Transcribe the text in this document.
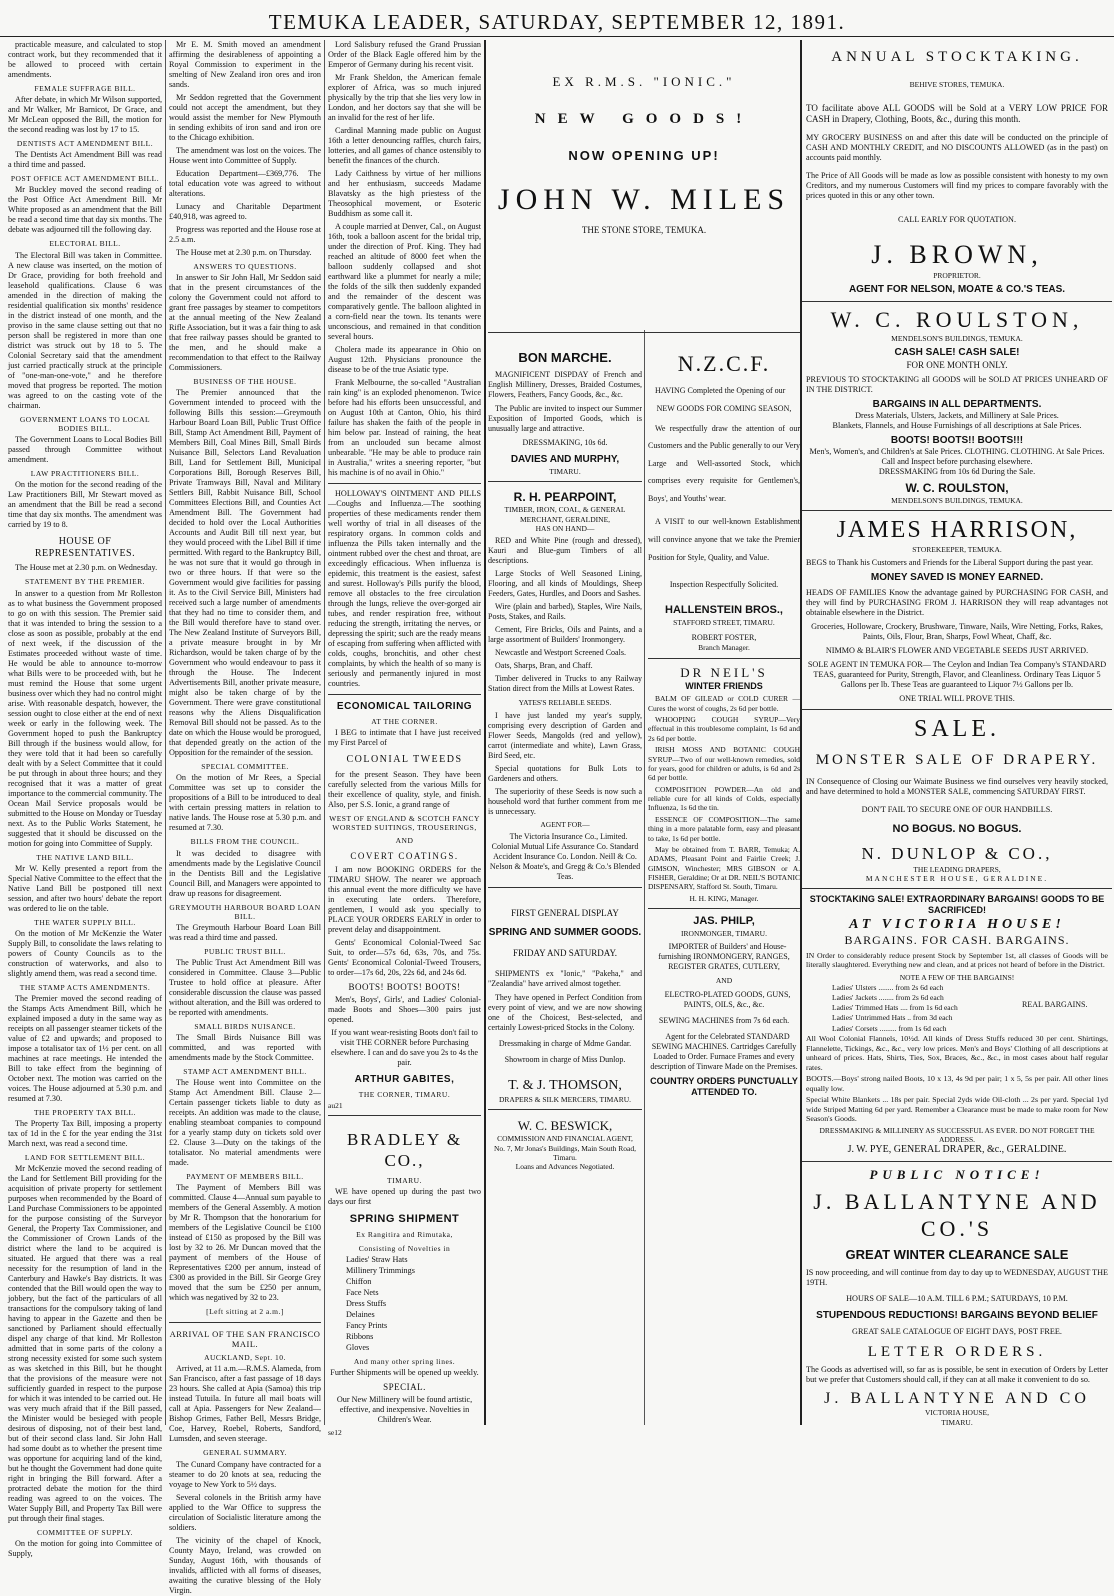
TEMUKA LEADER, SATURDAY, SEPTEMBER 12, 1891.

practicable measure, and calculated to stop contract work, but they recommended that it be allowed to proceed with certain amendments.

FEMALE SUFFRAGE BILL.

After debate, in which Mr Wilson supported, and Mr Walker, Mr Barnicot, Dr Grace, and Mr McLean opposed the Bill, the motion for the second reading was lost by 17 to 15.

DENTISTS ACT AMENDMENT BILL.

The Dentists Act Amendment Bill was read a third time and passed.

POST OFFICE ACT AMENDMENT BILL.

Mr Buckley moved the second reading of the Post Office Act Amendment Bill. Mr White proposed as an amendment that the Bill be read a second time that day six months. The debate was adjourned till the following day.

ELECTORAL BILL.

The Electoral Bill was taken in Committee. A new clause was inserted, on the motion of Dr Grace, providing for both freehold and leasehold qualifications. Clause 6 was amended in the direction of making the residential qualification six months' residence in the district instead of one month, and the proviso in the same clause setting out that no person shall be registered in more than one district was struck out by 18 to 5. The Colonial Secretary said that the amendment just carried practically struck at the principle of "one-man-one-vote," and he therefore moved that progress be reported. The motion was agreed to on the casting vote of the chairman.

GOVERNMENT LOANS TO LOCAL BODIES BILL.

The Government Loans to Local Bodies Bill passed through Committee without amendment.

LAW PRACTITIONERS BILL.

On the motion for the second reading of the Law Practitioners Bill, Mr Stewart moved as an amendment that the Bill be read a second time that day six months. The amendment was carried by 19 to 8.

HOUSE OF REPRESENTATIVES.

The House met at 2.30 p.m. on Wednesday.

STATEMENT BY THE PREMIER.

In answer to a question from Mr Rolleston as to what business the Government proposed to go on with this session. The Premier said that it was intended to bring the session to a close as soon as possible, probably at the end of next week, if the discussion of the Estimates proceeded without waste of time. He would be able to announce to-morrow what Bills were to be proceeded with, but he must remind the House that some urgent business over which they had no control might arise. With reasonable despatch, however, the session ought to close either at the end of next week or early in the following week. The Government hoped to push the Bankruptcy Bill through if the business would allow, for they were told that it had been so carefully dealt with by a Select Committee that it could be put through in about three hours; and they recognised that it was a matter of great importance to the commercial community. The Ocean Mail Service proposals would be submitted to the House on Monday or Tuesday next. As to the Public Works Statement, he suggested that it should be discussed on the motion for going into Committee of Supply.

THE NATIVE LAND BILL.

Mr W. Kelly presented a report from the Special Native Committee to the effect that the Native Land Bill be postponed till next session, and after two hours' debate the report was ordered to lie on the table.

THE WATER SUPPLY BILL.

On the motion of Mr McKenzie the Water Supply Bill, to consolidate the laws relating to powers of County Councils as to the construction of waterworks, and also to slightly amend them, was read a second time.

THE STAMP ACTS AMENDMENTS.

The Premier moved the second reading of the Stamps Acts Amendment Bill, which he explained imposed a duty in the same way as receipts on all passenger steamer tickets of the value of £2 and upwards; and proposed to impose a totalisator tax of 1½ per cent. on all machines at race meetings. He intended the Bill to take effect from the beginning of October next. The motion was carried on the voices. The House adjourned at 5.30 p.m. and resumed at 7.30.

THE PROPERTY TAX BILL.

The Property Tax Bill, imposing a property tax of 1d in the £ for the year ending the 31st March next, was read a second time.

LAND FOR SETTLEMENT BILL.

Mr McKenzie moved the second reading of the Land for Settlement Bill providing for the acquisition of private property for settlement purposes when recommended by the Board of Land Purchase Commissioners to be appointed for the purpose consisting of the Surveyor General, the Property Tax Commissioner, and the Commissioner of Crown Lands of the district where the land to be acquired is situated. He argued that there was a real necessity for the resumption of land in the Canterbury and Hawke's Bay districts. It was contended that the Bill would open the way to jobbery, but the fact of the particulars of all transactions for the compulsory taking of land having to appear in the Gazette and then be sanctioned by Parliament should effectually dispel any charge of that kind. Mr Rolleston admitted that in some parts of the colony a strong necessity existed for some such system as was sketched in this Bill, but he thought that the provisions of the measure were not sufficiently guarded in respect to the purpose for which it was intended to be carried out. He was very much afraid that if the Bill passed, the Minister would be besieged with people desirous of disposing, not of their best land, but of their second class land. Sir John Hall had some doubt as to whether the present time was opportune for acquiring land of the kind, but he thought the Government had done quite right in bringing the Bill forward. After a protracted debate the motion for the third reading was agreed to on the voices. The Water Supply Bill, and Property Tax Bill were put through their final stages.

COMMITTEE OF SUPPLY.

On the motion for going into Committee of Supply,

Mr E. M. Smith moved an amendment affirming the desirableness of appointing a Royal Commission to experiment in the smelting of New Zealand iron ores and iron sands.

Mr Seddon regretted that the Government could not accept the amendment, but they would assist the member for New Plymouth in sending exhibits of iron sand and iron ore to the Chicago exhibition.

The amendment was lost on the voices. The House went into Committee of Supply.

Education Department—£369,776. The total education vote was agreed to without alterations.

Lunacy and Charitable Department £40,918, was agreed to.

Progress was reported and the House rose at 2.5 a.m.

The House met at 2.30 p.m. on Thursday.

ANSWERS TO QUESTIONS.

In answer to Sir John Hall, Mr Seddon said that in the present circumstances of the colony the Government could not afford to grant free passages by steamer to competitors at the annual meeting of the New Zealand Rifle Association, but it was a fair thing to ask that free railway passes should be granted to the men, and he should make a recommendation to that effect to the Railway Commissioners.

BUSINESS OF THE HOUSE.

The Premier announced that the Government intended to proceed with the following Bills this session:—Greymouth Harbour Board Loan Bill, Public Trust Office Bill, Stamp Act Amendment Bill, Payment of Members Bill, Coal Mines Bill, Small Birds Nuisance Bill, Selectors Land Revaluation Bill, Land for Settlement Bill, Municipal Corporations Bill, Borough Reserves Bill, Private Tramways Bill, Naval and Military Settlers Bill, Rabbit Nuisance Bill, School Committees Elections Bill, and Counties Act Amendment Bill. The Government had decided to hold over the Local Authorities Accounts and Audit Bill till next year, but they would proceed with the Libel Bill if time permitted. With regard to the Bankruptcy Bill, he was not sure that it would go through in two or three hours. If that were so the Government would give facilities for passing it. As to the Civil Service Bill, Ministers had received such a large number of amendments that they had no time to consider them, and the Bill would therefore have to stand over. The New Zealand Institute of Surveyors Bill, a private measure brought in by Mr Richardson, would be taken charge of by the Government who would endeavour to pass it through the House. The Indecent Advertisements Bill, another private measure, might also be taken charge of by the Government. There were grave constitutional reasons why the Aliens Disqualification Removal Bill should not be passed. As to the date on which the House would be prorogued, that depended greatly on the action of the Opposition for the remainder of the session.

SPECIAL COMMITTEE.

On the motion of Mr Rees, a Special Committee was set up to consider the propositions of a Bill to be introduced to deal with certain pressing matters in relation to native lands. The House rose at 5.30 p.m. and resumed at 7.30.

BILLS FROM THE COUNCIL.

It was decided to disagree with amendments made by the Legislative Council in the Dentists Bill and the Legislative Council Bill, and Managers were appointed to draw up reasons for disagreement.

GREYMOUTH HARBOUR BOARD LOAN BILL.

The Greymouth Harbour Board Loan Bill was read a third time and passed.

PUBLIC TRUST BILL.

The Public Trust Act Amendment Bill was considered in Committee. Clause 3—Public Trustee to hold office at pleasure. After considerable discussion the clause was passed without alteration, and the Bill was ordered to be reported with amendments.

SMALL BIRDS NUISANCE.

The Small Birds Nuisance Bill was committed, and was reported with amendments made by the Stock Committee.

STAMP ACT AMENDMENT BILL.

The House went into Committee on the Stamp Act Amendment Bill. Clause 2—Certain passenger tickets liable to duty as receipts. An addition was made to the clause, enabling steamboat companies to compound for a yearly stamp duty on tickets sold over £2. Clause 3—Duty on the takings of the totalisator. No material amendments were made.

PAYMENT OF MEMBERS BILL.

The Payment of Members Bill was committed. Clause 4—Annual sum payable to members of the General Assembly. A motion by Mr R. Thompson that the honorarium for members of the Legislative Council be £100 instead of £150 as proposed by the Bill was lost by 32 to 26. Mr Duncan moved that the payment of members of the House of Representatives £200 per annum, instead of £300 as provided in the Bill. Sir George Grey moved that the sum be £250 per annum, which was negatived by 32 to 23.

[Left sitting at 2 a.m.]
ARRIVAL OF THE SAN FRANCISCO MAIL.
AUCKLAND, Sept. 10.

Arrived, at 11 a.m.—R.M.S. Alameda, from San Francisco, after a fast passage of 18 days 23 hours. She called at Apia (Samoa) this trip instead Tutuila. In future all mail boats will call at Apia. Passengers for New Zealand—Bishop Grimes, Father Bell, Messrs Bridge, Coe, Harvey, Roebel, Roberts, Sandford, Lumsden, and seven steerage.

GENERAL SUMMARY.

The Cunard Company have contracted for a steamer to do 20 knots at sea, reducing the voyage to New York to 5½ days.

Several colonels in the British army have applied to the War Office to suppress the circulation of Socialistic literature among the soldiers.

The vicinity of the chapel of Knock, County Mayo, Ireland, was crowded on Sunday, August 16th, with thousands of invalids, afflicted with all forms of diseases, awaiting the curative blessing of the Holy Virgin.

Lord Salisbury refused the Grand Prussian Order of the Black Eagle offered him by the Emperor of Germany during his recent visit.

Mr Frank Sheldon, the American female explorer of Africa, was so much injured physically by the trip that she lies very low in London, and her doctors say that she will be an invalid for the rest of her life.

Cardinal Manning made public on August 16th a letter denouncing raffles, church fairs, lotteries, and all games of chance ostensibly to benefit the finances of the church.

Lady Caithness by virtue of her millions and her enthusiasm, succeeds Madame Blavatsky as the high priestess of the Theosophical movement, or Esoteric Buddhism as some call it.

A couple married at Denver, Cal., on August 16th, took a balloon ascent for the bridal trip, under the direction of Prof. King. They had reached an altitude of 8000 feet when the balloon suddenly collapsed and shot earthward like a plummet for nearly a mile; the folds of the silk then suddenly expanded and the remainder of the descent was comparatively gentle. The balloon alighted in a corn-field near the town. Its tenants were unconscious, and remained in that condition several hours.

Cholera made its appearance in Ohio on August 12th. Physicians pronounce the disease to be of the true Asiatic type.

Frank Melbourne, the so-called "Australian rain king" is an exploded phenomenon. Twice before had his efforts been unsuccessful, and on August 10th at Canton, Ohio, his third failure has shaken the faith of the people in him below par. Instead of raining, the heat from an unclouded sun became almost unbearable. "He may be able to produce rain in Australia," writes a sneering reporter, "but his machine is of no avail in Ohio."

HOLLOWAY'S OINTMENT AND PILLS—Coughs and Influenza.—The soothing properties of these medicaments render them well worthy of trial in all diseases of the respiratory organs. In common colds and influenza the Pills taken internally and the ointment rubbed over the chest and throat, are exceedingly efficacious. When influenza is epidemic, this treatment is the easiest, safest and surest. Holloway's Pills purify the blood, remove all obstacles to the free circulation through the lungs, relieve the over-gorged air tubes, and render respiration free, without reducing the strength, irritating the nerves, or depressing the spirit; such are the ready means of escaping from suffering when afflicted with colds, coughs, bronchitis, and other chest complaints, by which the health of so many is seriously and permanently injured in most countries.

ECONOMICAL TAILORING
AT THE CORNER.

I BEG to intimate that I have just received my First Parcel of

COLONIAL TWEEDS

for the present Season. They have been carefully selected from the various Mills for their excellence of quality, style, and finish. Also, per S.S. Ionic, a grand range of

WEST OF ENGLAND & SCOTCH FANCY WORSTED SUITINGS, TROUSERINGS,
AND
COVERT COATINGS.

I am now BOOKING ORDERS for the TIMARU SHOW. The nearer we approach this annual event the more difficulty we have in executing late orders. Therefore, gentlemen, I would ask you specially to PLACE YOUR ORDERS EARLY in order to prevent delay and disappointment.

Gents' Economical Colonial-Tweed Sac Suit, to order—57s 6d, 63s, 70s, and 75s. Gents' Economical Colonial-Tweed Trousers, to order—17s 6d, 20s, 22s 6d, and 24s 6d.

BOOTS! BOOTS! BOOTS!

Men's, Boys', Girls', and Ladies' Colonial-made Boots and Shoes—300 pairs just opened.

If you want wear-resisting Boots don't fail to visit THE CORNER before Purchasing elsewhere. I can and do save you 2s to 4s the pair.

ARTHUR GABITES,
THE CORNER, TIMARU.
au21
BRADLEY & CO.,
TIMARU.

WE have opened up during the past two days our first

SPRING SHIPMENT
Ex Rangitira and Rimutaka,
Consisting of Novelties in
Ladies' Straw Hats
Millinery Trimmings
Chiffon
Face Nets
Dress Stuffs
Delaines
Fancy Prints
Ribbons
Gloves
And many other spring lines.

Further Shipments will be opened up weekly.

SPECIAL.

Our New Millinery will be found artistic, effective, and inexpensive. Novelties in Children's Wear.

se12
EX R.M.S. "IONIC."
NEW GOODS!
NOW OPENING UP!
JOHN W. MILES
THE STONE STORE, TEMUKA.
BON MARCHE.

MAGNIFICENT DISPDAY of French and English Millinery, Dresses, Braided Costumes, Flowers, Feathers, Fancy Goods, &c., &c.

The Public are invited to inspect our Summer Exposition of Imported Goods, which is unusually large and attractive.

DRESSMAKING, 10s 6d.
DAVIES AND MURPHY,
TIMARU.
R. H. PEARPOINT,
TIMBER, IRON, COAL, & GENERAL MERCHANT, GERALDINE,
HAS ON HAND—

RED and White Pine (rough and dressed), Kauri and Blue-gum Timbers of all descriptions.

Large Stocks of Well Seasoned Lining, Flooring, and all kinds of Mouldings, Sheep Feeders, Gates, Hurdles, and Doors and Sashes.

Wire (plain and barbed), Staples, Wire Nails, Posts, Stakes, and Rails.

Cement, Fire Bricks, Oils and Paints, and a large assortment of Builders' Ironmongery.

Newcastle and Westport Screened Coals.

Oats, Sharps, Bran, and Chaff.

Timber delivered in Trucks to any Railway Station direct from the Mills at Lowest Rates.

YATES'S RELIABLE SEEDS.

I have just landed my year's supply, comprising every description of Garden and Flower Seeds, Mangolds (red and yellow), carrot (intermediate and white), Lawn Grass, Bird Seed, etc.

Special quotations for Bulk Lots to Gardeners and others.

The superiority of these Seeds is now such a household word that further comment from me is unnecessary.

AGENT FOR—

The Victoria Insurance Co., Limited. Colonial Mutual Life Assurance Co. Standard Accident Insurance Co. London. Neill & Co. Nelson & Moate's, and Gregg & Co.'s Blended Teas.

FIRST GENERAL DISPLAY
SPRING AND SUMMER GOODS.
FRIDAY AND SATURDAY.

SHIPMENTS ex "Ionic," "Pakeha," and "Zealandia" have arrived almost together.

They have opened in Perfect Condition from every point of view, and we are now showing one of the Choicest, Best-selected, and certainly Lowest-priced Stocks in the Colony.

Dressmaking in charge of Mdme Gandar.
Showroom in charge of Miss Dunlop.
T. & J. THOMSON,
DRAPERS & SILK MERCERS, TIMARU.
W. C. BESWICK,
COMMISSION AND FINANCIAL AGENT,
No. 7, Mr Jonas's Buildings, Main South Road, Timaru.
Loans and Advances Negotiated.
N.Z.C.F.

HAVING Completed the Opening of our

NEW GOODS FOR COMING SEASON,

We respectfully draw the attention of our Customers and the Public generally to our Very Large and Well-assorted Stock, which comprises every requisite for Gentlemen's, Boys', and Youths' wear.

A VISIT to our well-known Establishment will convince anyone that we take the Premier Position for Style, Quality, and Value.

Inspection Respectfully Solicited.
HALLENSTEIN BROS.,
STAFFORD STREET, TIMARU.
ROBERT FOSTER,
Branch Manager.
DR NEIL'S
WINTER FRIENDS

BALM OF GILEAD or COLD CURER —Cures the worst of coughs, 2s 6d per bottle.

WHOOPING COUGH SYRUP—Very effectual in this troublesome complaint, 1s 6d and 2s 6d per bottle.

IRISH MOSS AND BOTANIC COUGH SYRUP—Two of our well-known remedies, sold for years, good for children or adults, is 6d and 2s 6d per bottle.

COMPOSITION POWDER—An old and reliable cure for all kinds of Colds, especially Influenza, 1s 6d the tin.

ESSENCE OF COMPOSITION—The same thing in a more palatable form, easy and pleasant to take, 1s 6d per bottle.

May be obtained from T. BARR, Temuka; A. ADAMS, Pleasant Point and Fairlie Creek; J. GIMSON, Winchester; MRS GIBSON or A. FISHER, Geraldine; Or at DR. NEIL'S BOTANIC DISPENSARY, Stafford St. South, Timaru.

H. H. KING, Manager.
JAS. PHILP,
IRONMONGER, TIMARU.

IMPORTER of Builders' and House-furnishing IRONMONGERY, RANGES, REGISTER GRATES, CUTLERY,

AND

ELECTRO-PLATED GOODS, GUNS, PAINTS, OILS, &c., &c.

SEWING MACHINES from 7s 6d each.

Agent for the Celebrated STANDARD SEWING MACHINES. Cartridges Carefully Loaded to Order. Furnace Frames and every description of Tinware Made on the Premises.

COUNTRY ORDERS PUNCTUALLY ATTENDED TO.
ANNUAL STOCKTAKING.
BEHIVE STORES, TEMUKA.

TO facilitate above ALL GOODS will be Sold at a VERY LOW PRICE FOR CASH in Drapery, Clothing, Boots, &c., during this month.

MY GROCERY BUSINESS on and after this date will be conducted on the principle of CASH AND MONTHLY CREDIT, and NO DISCOUNTS ALLOWED (as in the past) on accounts paid monthly.

The Price of All Goods will be made as low as possible consistent with honesty to my own Creditors, and my numerous Customers will find my prices to compare favorably with the prices quoted in this or any other town.

CALL EARLY FOR QUOTATION.
J. BROWN,
PROPRIETOR.
AGENT FOR NELSON, MOATE & CO.'S TEAS.
W. C. ROULSTON,
MENDELSON'S BUILDINGS, TEMUKA.
CASH SALE! CASH SALE!
FOR ONE MONTH ONLY.

PREVIOUS TO STOCKTAKING all GOODS will be SOLD AT PRICES UNHEARD OF IN THE DISTRICT.

BARGAINS IN ALL DEPARTMENTS.
Dress Materials, Ulsters, Jackets, and Millinery at Sale Prices.
Blankets, Flannels, and House Furnishings of all descriptions at Sale Prices.
BOOTS! BOOTS!! BOOTS!!!
Men's, Women's, and Children's at Sale Prices. CLOTHING. CLOTHING. At Sale Prices. Call and Inspect before purchasing elsewhere.
DRESSMAKING from 10s 6d During the Sale.
W. C. ROULSTON,
MENDELSON'S BUILDINGS, TEMUKA.
JAMES HARRISON,
STOREKEEPER, TEMUKA.

BEGS to Thank his Customers and Friends for the Liberal Support during the past year.

MONEY SAVED IS MONEY EARNED.

HEADS OF FAMILIES Know the advantage gained by PURCHASING FOR CASH, and they will find by PURCHASING FROM J. HARRISON they will reap advantages not obtainable elsewhere in the District.

Groceries, Holloware, Crockery, Brushware, Tinware, Nails, Wire Netting, Forks, Rakes, Paints, Oils, Flour, Bran, Sharps, Fowl Wheat, Chaff, &c.

NIMMO & BLAIR'S FLOWER AND VEGETABLE SEEDS JUST ARRIVED.

SOLE AGENT IN TEMUKA FOR— The Ceylon and Indian Tea Company's STANDARD TEAS, guaranteed for Purity, Strength, Flavor, and Cleanliness. Ordinary Teas Liquor 5 Gallons per lb. These Teas are guaranteed to Liquor 7½ Gallons per lb.

ONE TRIAL WILL PROVE THIS.
SALE.
MONSTER SALE OF DRAPERY.

IN Consequence of Closing our Waimate Business we find ourselves very heavily stocked, and have determined to hold a MONSTER SALE, commencing SATURDAY FIRST.

DON'T FAIL TO SECURE ONE OF OUR HANDBILLS.
NO BOGUS. NO BOGUS.
N. DUNLOP & CO.,
THE LEADING DRAPERS,
MANCHESTER HOUSE, GERALDINE.
STOCKTAKING SALE! EXTRAORDINARY BARGAINS! GOODS TO BE SACRIFICED!
AT VICTORIA HOUSE!
BARGAINS. FOR CASH. BARGAINS.

IN Order to considerably reduce present Stock by September 1st, all classes of Goods will be literally slaughtered. Everything new and clean, and at prices not heard of before in the District.

NOTE A FEW OF THE BARGAINS!
Ladies' Ulsters ........ from 2s 6d each
Ladies' Jackets ........ from 2s 6d each
Ladies' Trimmed Hats .... from 1s 6d each
Ladies' Untrimmed Hats .. from 3d each
Ladies' Corsets ......... from 1s 6d each
REAL BARGAINS.

All Wool Colonial Flannels, 10½d. All kinds of Dress Stuffs reduced 30 per cent. Shirtings, Flannelette, Tickings, &c., &c., very low prices. Men's and Boys' Clothing of all descriptions at unheard of prices. Hats, Shirts, Ties, Sox, Braces, &c., &c., in most cases about half regular rates.

BOOTS.—Boys' strong nailed Boots, 10 x 13, 4s 9d per pair; 1 x 5, 5s per pair. All other lines equally low.

Special White Blankets ... 18s per pair. Special 2yds wide Oil-cloth ... 2s per yard. Special 1yd wide Striped Matting 6d per yard. Remember a Clearance must be made to make room for New Season's Goods.

DRESSMAKING & MILLINERY AS SUCCESSFUL AS EVER. DO NOT FORGET THE ADDRESS.
J. W. PYE, GENERAL DRAPER, &c., GERALDINE.
PUBLIC NOTICE!
J. BALLANTYNE AND CO.'S
GREAT WINTER CLEARANCE SALE

IS now proceeding, and will continue from day to day up to WEDNESDAY, AUGUST THE 19TH.

HOURS OF SALE—10 A.M. TILL 6 P.M.; SATURDAYS, 10 P.M.
STUPENDOUS REDUCTIONS! BARGAINS BEYOND BELIEF
GREAT SALE CATALOGUE OF EIGHT DAYS, POST FREE.
LETTER ORDERS.

The Goods as advertised will, so far as is possible, be sent in execution of Orders by Letter but we prefer that Customers should call, if they can at all make it convenient to do so.

J. BALLANTYNE AND CO
VICTORIA HOUSE,
TIMARU.
